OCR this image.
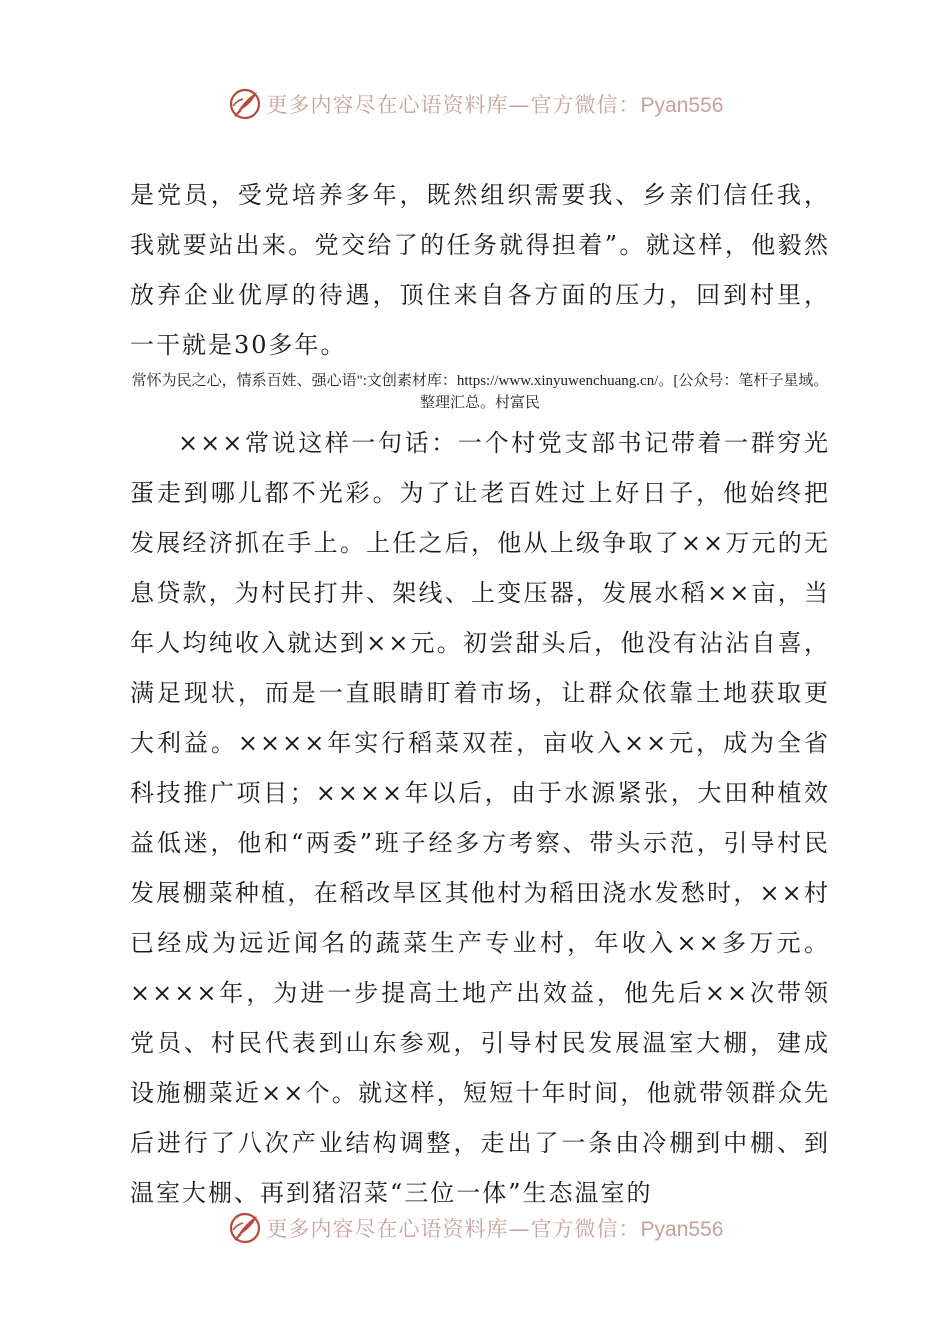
更多内容尽在心语资料库—官方微信：Pyan556
是党员，受党培养多年，既然组织需要我、乡亲们信任我，我就要站出来。党交给了的任务就得担着”。就这样，他毅然放弃企业优厚的待遇，顶住来自各方面的压力，回到村里，一干就是30多年。
常怀为民之心，情系百姓、强心语":文创素材库：https://www.xinyuwenchuang.cn/。[公众号：笔杆子星域。整理汇总。村富民
×××常说这样一句话：一个村党支部书记带着一群穷光蛋走到哪儿都不光彩。为了让老百姓过上好日子，他始终把发展经济抓在手上。上任之后，他从上级争取了××万元的无息贷款，为村民打井、架线、上变压器，发展水稻××亩，当年人均纯收入就达到××元。初尝甜头后，他没有沾沾自喜，满足现状，而是一直眼睛盯着市场，让群众依靠土地获取更大利益。××××年实行稻菜双茬，亩收入××元，成为全省科技推广项目；××××年以后，由于水源紧张，大田种植效益低迷，他和“两委”班子经多方考察、带头示范，引导村民发展棚菜种植，在稻改旱区其他村为稻田浇水发愁时，××村已经成为远近闻名的蔬菜生产专业村，年收入××多万元。××××年，为进一步提高土地产出效益，他先后××次带领党员、村民代表到山东参观，引导村民发展温室大棚，建成设施棚菜近××个。就这样，短短十年时间，他就带领群众先后进行了八次产业结构调整，走出了一条由冷棚到中棚、到温室大棚、再到猪沼菜“三位一体”生态温室的
更多内容尽在心语资料库—官方微信：Pyan556
